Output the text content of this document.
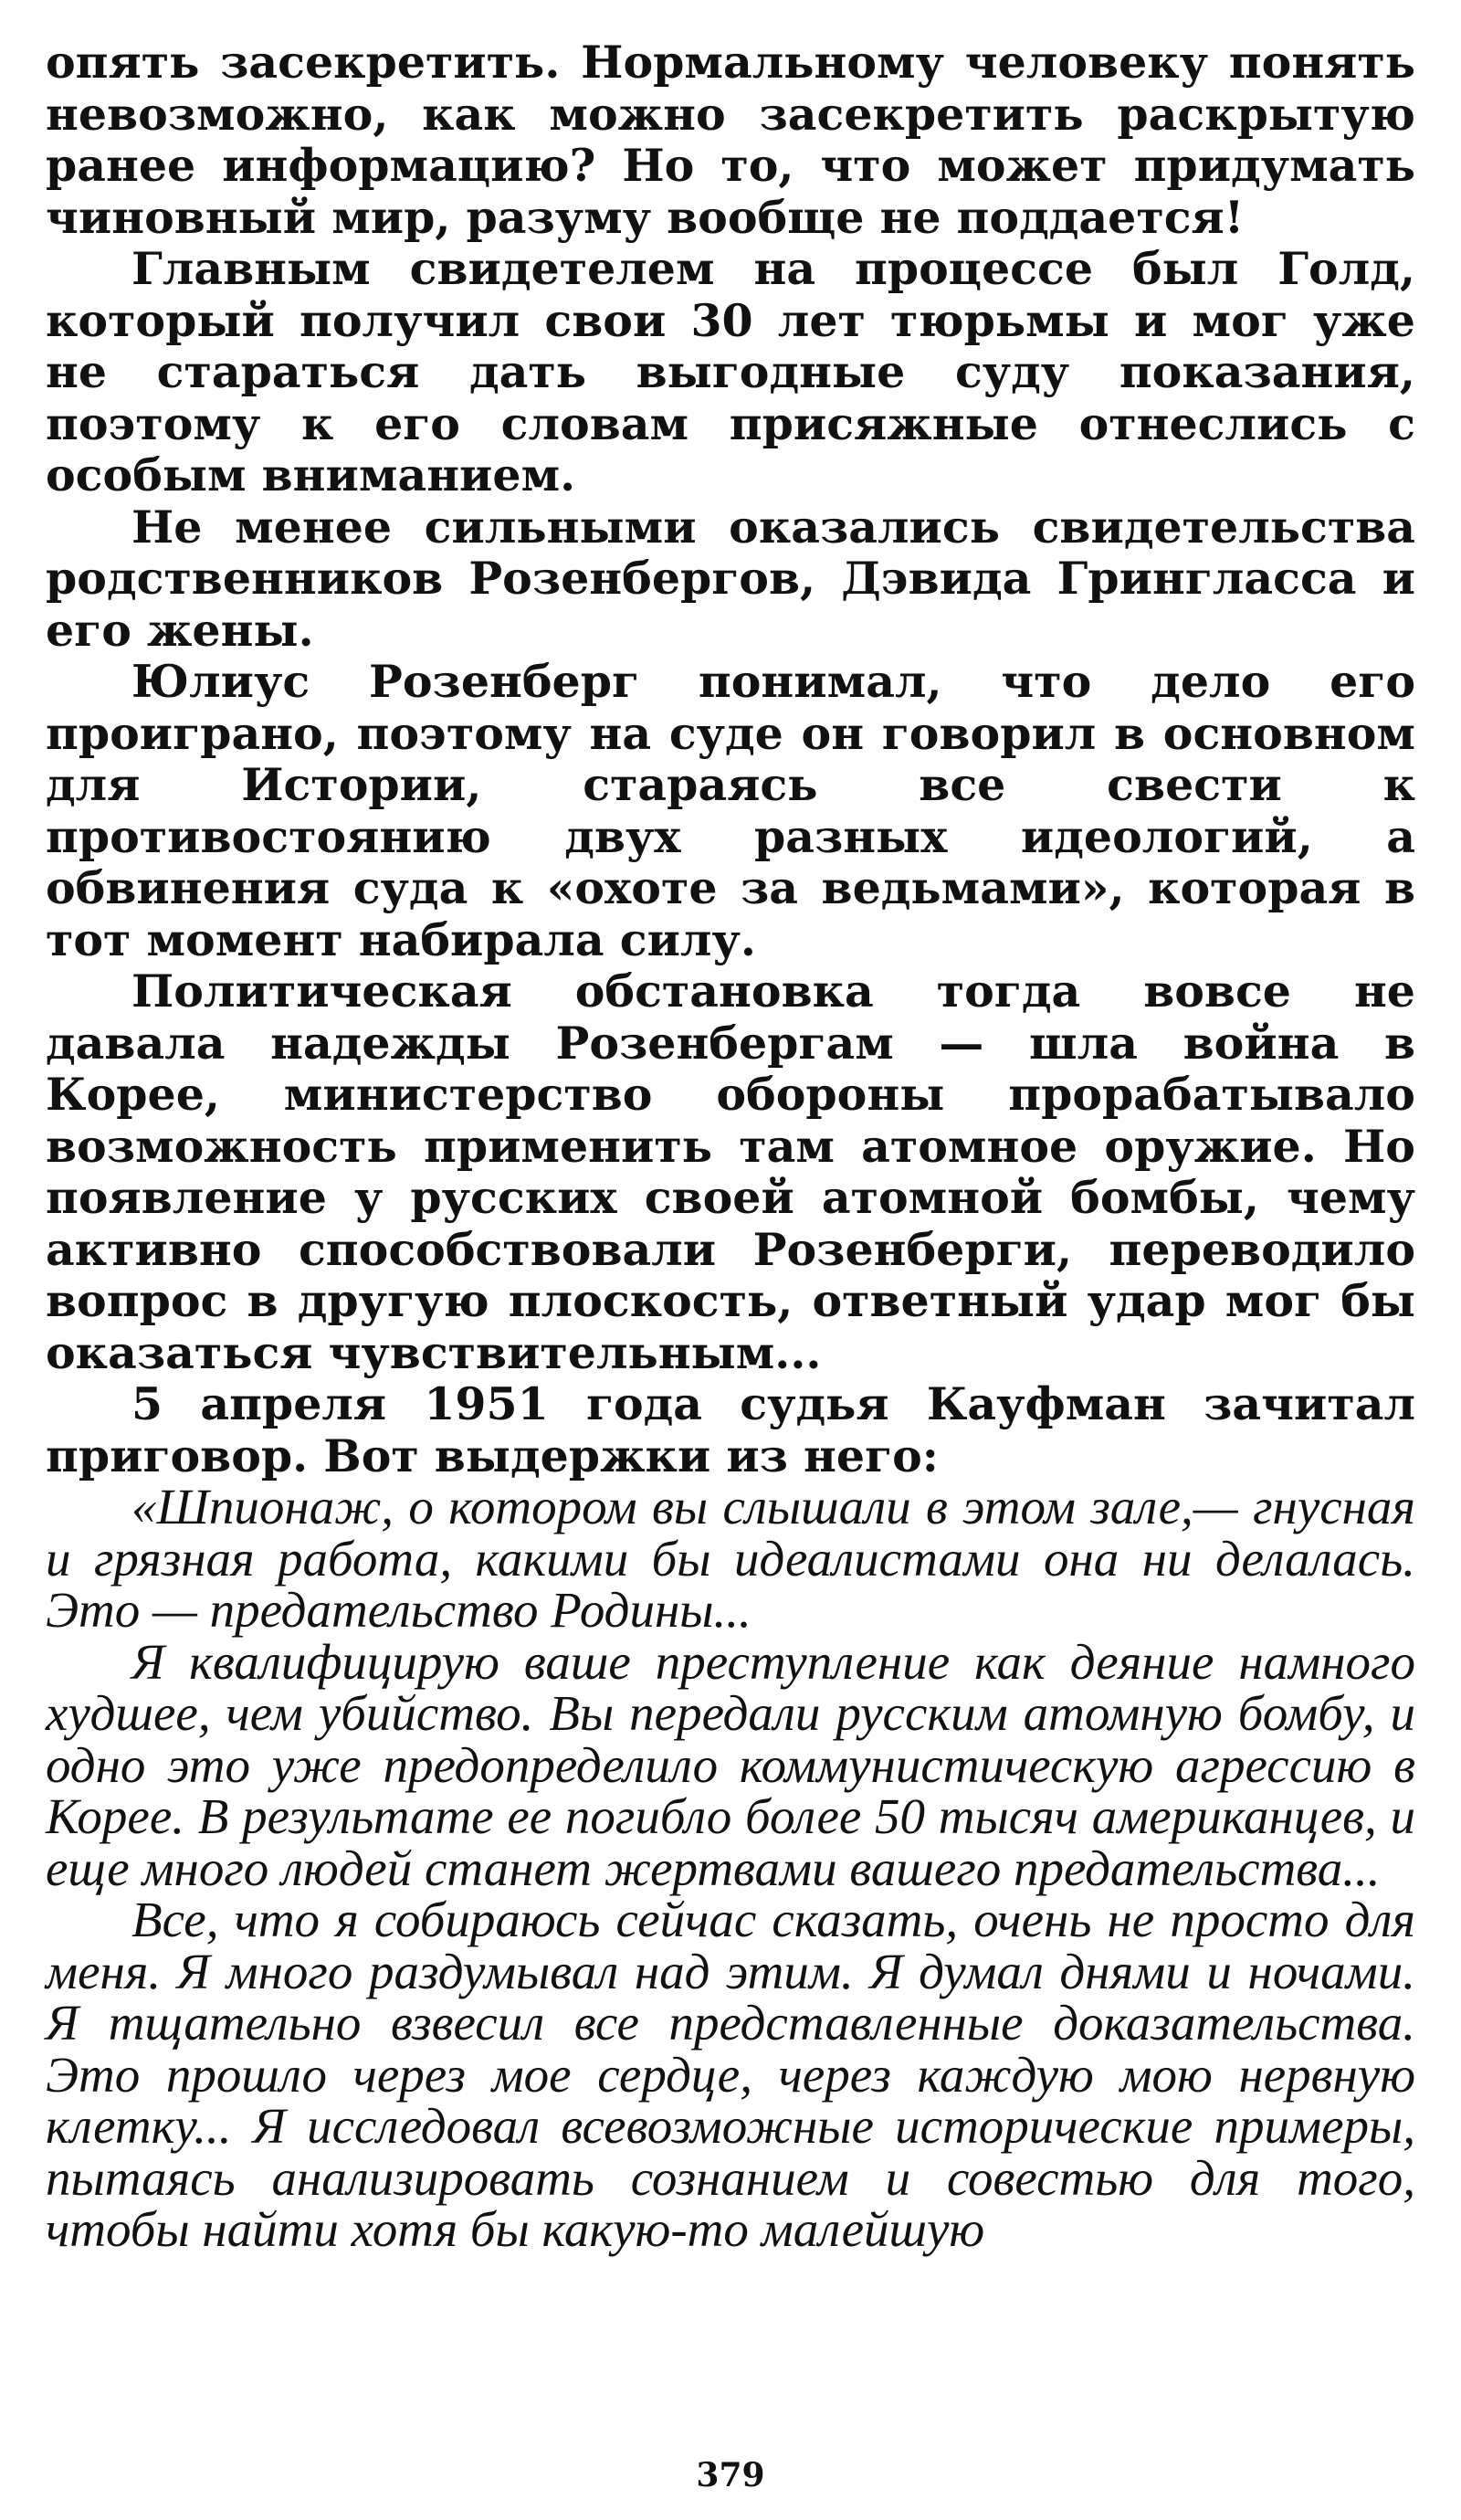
опять засекретить. Нормальному человеку понять невозможно, как можно засекретить раскрытую ранее информацию? Но то, что может придумать чиновный мир, разуму вообще не поддается!

Главным свидетелем на процессе был Голд, который получил свои 30 лет тюрьмы и мог уже не стараться дать выгодные суду показания, поэтому к его словам присяжные отнеслись с особым вниманием.

Не менее сильными оказались свидетельства родственников Розенбергов, Дэвида Грингласса и его жены.

Юлиус Розенберг понимал, что дело его проиграно, поэтому на суде он говорил в основном для Истории, стараясь все свести к противостоянию двух разных идеологий, а обвинения суда к «охоте за ведьмами», которая в тот момент набирала силу.

Политическая обстановка тогда вовсе не давала надежды Розенбергам — шла война в Корее, министерство обороны прорабатывало возможность применить там атомное оружие. Но появление у русских своей атомной бомбы, чему активно способствовали Розенберги, переводило вопрос в другую плоскость, ответный удар мог бы оказаться чувствительным...

5 апреля 1951 года судья Кауфман зачитал приговор. Вот выдержки из него:

«Шпионаж, о котором вы слышали в этом зале,— гнусная и грязная работа, какими бы идеалистами она ни делалась. Это — предательство Родины...

Я квалифицирую ваше преступление как деяние намного худшее, чем убийство. Вы передали русским атомную бомбу, и одно это уже предопределило коммунистическую агрессию в Корее. В результате ее погибло более 50 тысяч американцев, и еще много людей станет жертвами вашего предательства...

Все, что я собираюсь сейчас сказать, очень не просто для меня. Я много раздумывал над этим. Я думал днями и ночами. Я тщательно взвесил все представленные доказательства. Это прошло через мое сердце, через каждую мою нервную клетку... Я исследовал всевозможные исторические примеры, пытаясь анализировать сознанием и совестью для того, чтобы найти хотя бы какую-то малейшую

379
